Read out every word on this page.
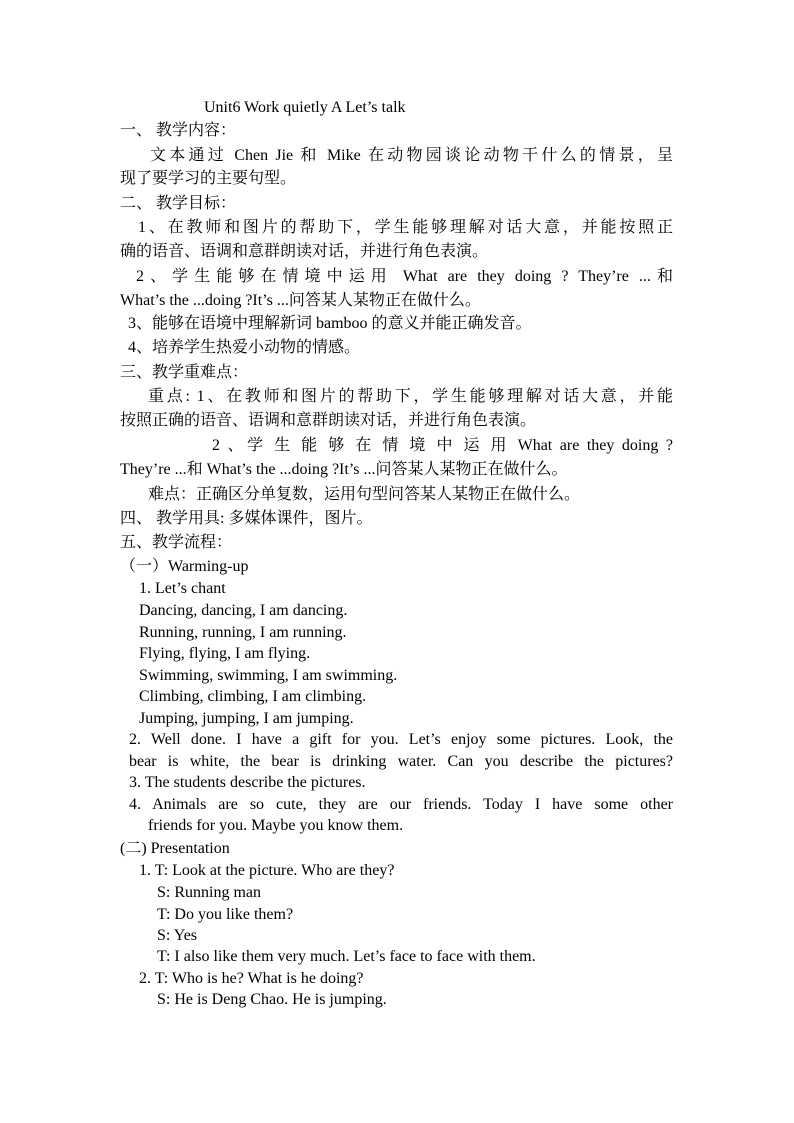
Unit6 Work quietly A Let’s talk
一、 教学内容：
文本通过 Chen Jie 和 Mike 在动物园谈论动物干什么的情景，呈
现了要学习的主要句型。
二、 教学目标：
1、在教师和图片的帮助下，学生能够理解对话大意，并能按照正
确的语音、语调和意群朗读对话，并进行角色表演。
2、学生能够在情境中运用 What are they doing ? They’re ...和
What’s the ...doing ?It’s ...问答某人某物正在做什么。
3、能够在语境中理解新词 bamboo 的意义并能正确发音。
4、培养学生热爱小动物的情感。
三、教学重难点：
重点: 1、在教师和图片的帮助下，学生能够理解对话大意，并能
按照正确的语音、语调和意群朗读对话，并进行角色表演。
2 、学 生 能 够 在 情 境 中 运 用 What are they doing ?
They’re ...和 What’s the ...doing ?It’s ...问答某人某物正在做什么。
难点：正确区分单复数，运用句型问答某人某物正在做什么。
四、 教学用具: 多媒体课件，图片。
五、教学流程：
（一）Warming-up
1. Let’s chant
Dancing, dancing, I am dancing.
Running, running, I am running.
Flying, flying, I am flying.
Swimming, swimming, I am swimming.
Climbing, climbing, I am climbing.
Jumping, jumping, I am jumping.
2. Well done. I have a gift for you. Let’s enjoy some pictures. Look, the
bear is white, the bear is drinking water. Can you describe the pictures?
3. The students describe the pictures.
4. Animals are so cute, they are our friends. Today I have some other
friends for you. Maybe you know them.
(二) Presentation
1. T: Look at the picture. Who are they?
S: Running man
T: Do you like them?
S: Yes
T: I also like them very much. Let’s face to face with them.
2. T: Who is he? What is he doing?
S: He is Deng Chao. He is jumping.
